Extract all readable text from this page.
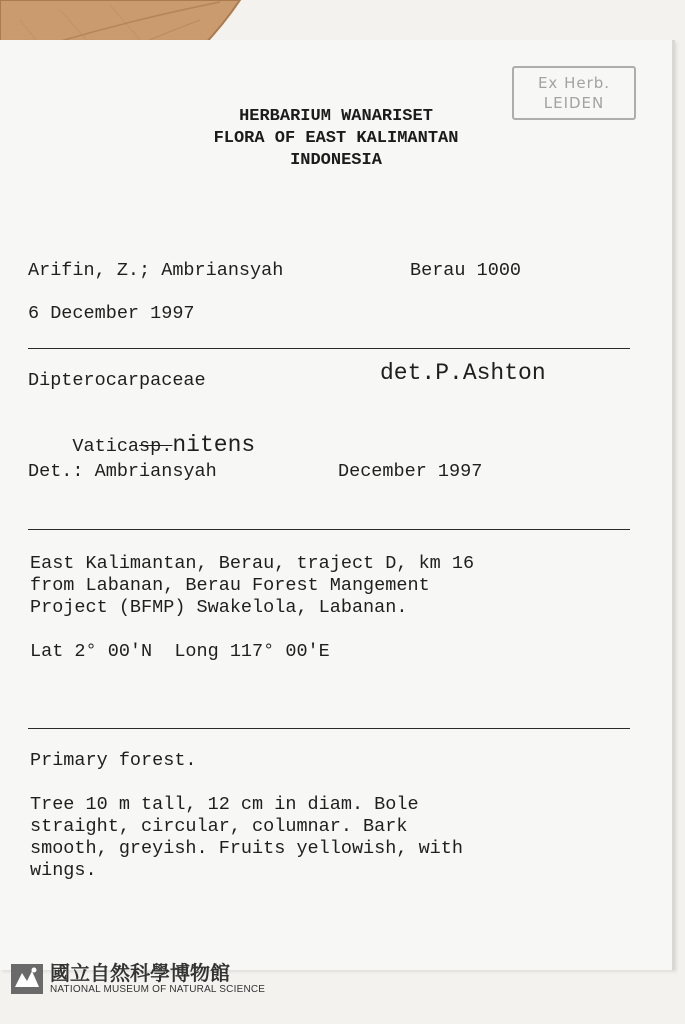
HERBARIUM WANARISET
FLORA OF EAST KALIMANTAN
INDONESIA
Arifin, Z.; Ambriansyah	Berau 1000
6 December 1997
Dipterocarpaceae	det.P.Ashton

Vaticasp.nitens

Det.: Ambriansyah	December 1997
East Kalimantan, Berau, traject D, km 16
from Labanan, Berau Forest Mangement
Project (BFMP) Swakelola, Labanan.
Lat 2° 00'N  Long 117° 00'E
Primary forest.
Tree 10 m tall, 12 cm in diam. Bole
straight, circular, columnar. Bark
smooth, greyish. Fruits yellowish, with
wings.
Ex Herb.
LEIDEN
國立自然科學博物館
NATIONAL MUSEUM OF NATURAL SCIENCE
